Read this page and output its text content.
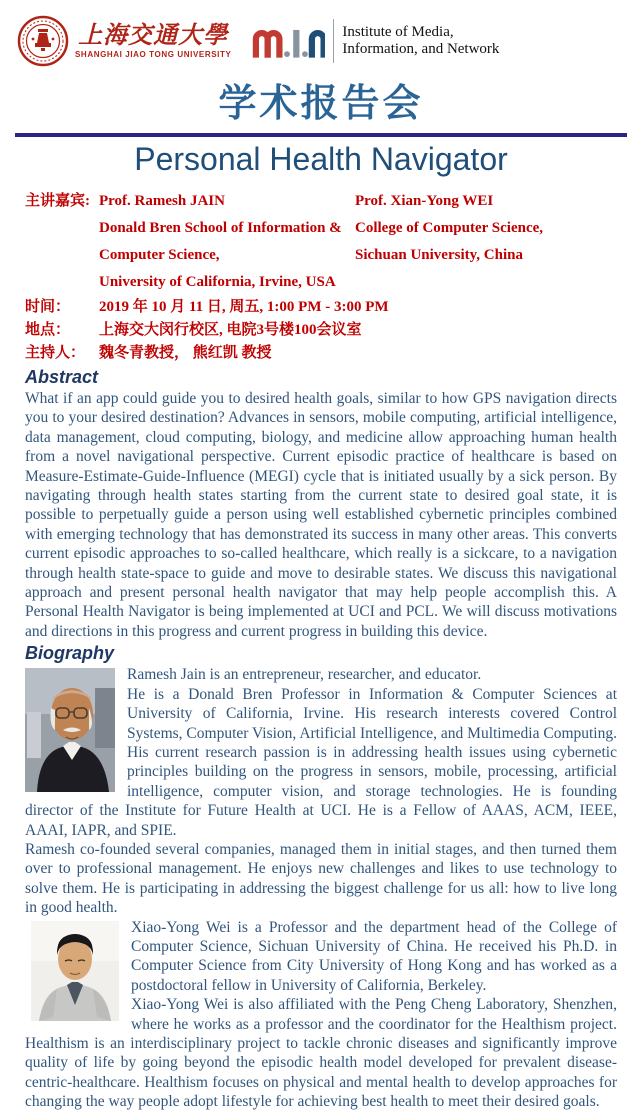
上海交通大學
SHANGHAI JIAO TONG UNIVERSITY
Institute of Media,
Information, and Network
学术报告会
Personal Health Navigator
主讲嘉宾: Prof. Ramesh JAIN
Donald Bren School of Information &
Computer Science,
University of California, Irvine, USA
Prof. Xian-Yong WEI
College of Computer Science,
Sichuan University, China
时间：	2019 年 10 月 11 日, 周五, 1:00 PM - 3:00 PM
地点：	上海交大闵行校区, 电院3号楼100会议室
主持人： 魏冬青教授， 熊红凯 教授
Abstract
What if an app could guide you to desired health goals, similar to how GPS navigation directs you to your desired destination? Advances in sensors, mobile computing, artificial intelligence, data management, cloud computing, biology, and medicine allow approaching human health from a novel navigational perspective. Current episodic practice of healthcare is based on Measure-Estimate-Guide-Influence (MEGI) cycle that is initiated usually by a sick person. By navigating through health states starting from the current state to desired goal state, it is possible to perpetually guide a person using well established cybernetic principles combined with emerging technology that has demonstrated its success in many other areas. This converts current episodic approaches to so-called healthcare, which really is a sickcare, to a navigation through health state-space to guide and move to desirable states. We discuss this navigational approach and present personal health navigator that may help people accomplish this. A Personal Health Navigator is being implemented at UCI and PCL. We will discuss motivations and directions in this progress and current progress in building this device.
Biography

Ramesh Jain is an entrepreneur, researcher, and educator.

He is a Donald Bren Professor in Information & Computer Sciences at University of California, Irvine. His research interests covered Control Systems, Computer Vision, Artificial Intelligence, and Multimedia Computing. His current research passion is in addressing health issues using cybernetic principles building on the progress in sensors, mobile, processing, artificial intelligence, computer vision, and storage technologies. He is founding director of the Institute for Future Health at UCI. He is a Fellow of AAAS, ACM, IEEE, AAAI, IAPR, and SPIE.

Ramesh co-founded several companies, managed them in initial stages, and then turned them over to professional management. He enjoys new challenges and likes to use technology to solve them. He is participating in addressing the biggest challenge for us all: how to live long in good health.

Xiao-Yong Wei is a Professor and the department head of the College of Computer Science, Sichuan University of China. He received his Ph.D. in Computer Science from City University of Hong Kong and has worked as a postdoctoral fellow in University of California, Berkeley.

Xiao-Yong Wei is also affiliated with the Peng Cheng Laboratory, Shenzhen, where he works as a professor and the coordinator for the Healthism project. Healthism is an interdisciplinary project to tackle chronic diseases and significantly improve quality of life by going beyond the episodic health model developed for prevalent disease-centric-healthcare. Healthism focuses on physical and mental health to develop approaches for changing the way people adopt lifestyle for achieving best health to meet their desired goals.
